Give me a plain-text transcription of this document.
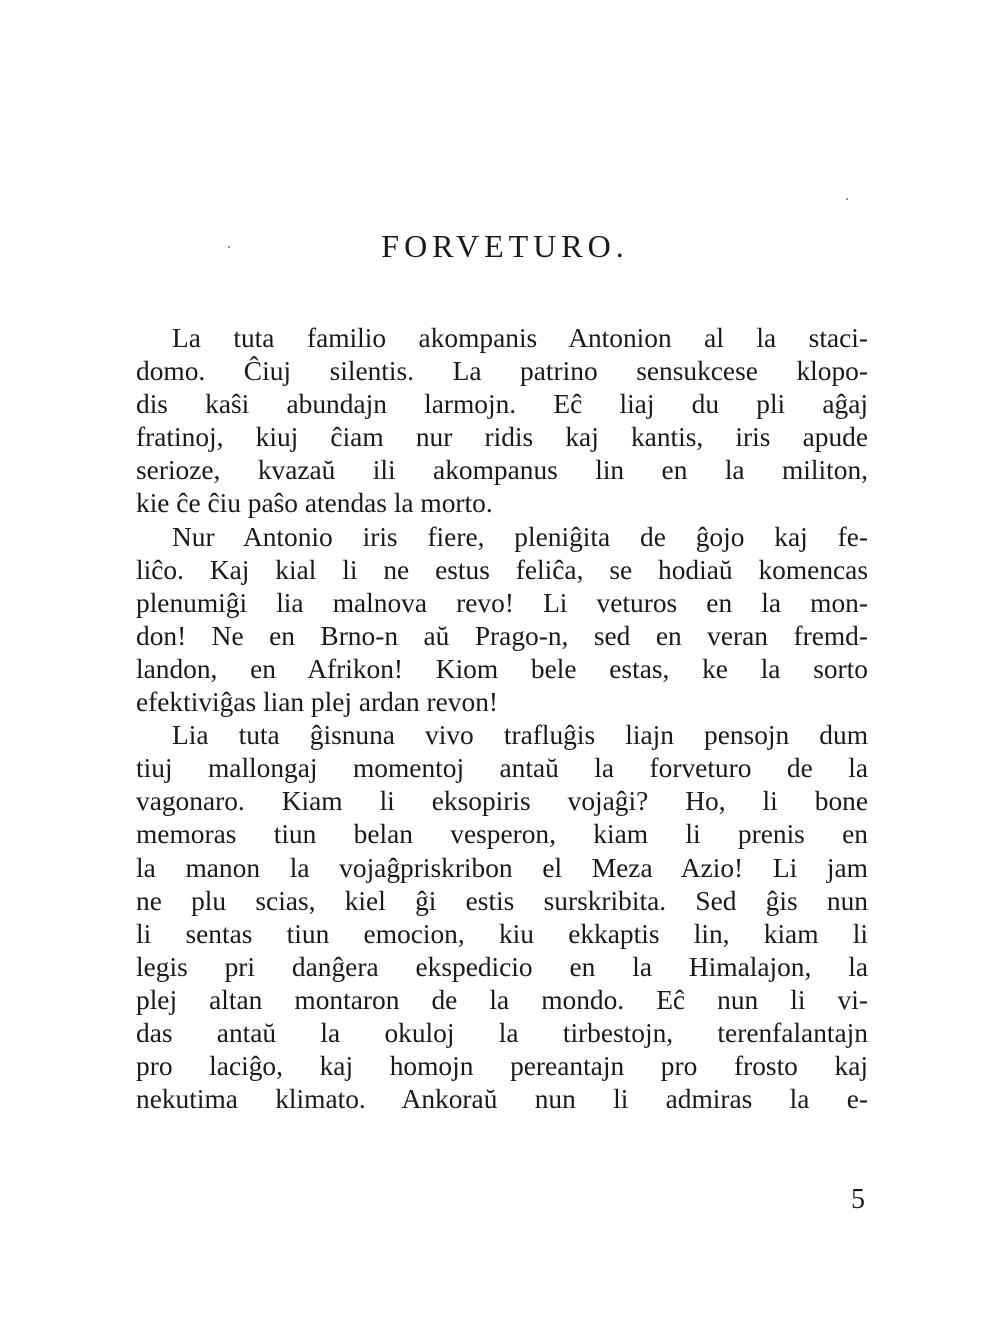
FORVETURO.
La tuta familio akompanis Antonion al la staci-
domo. Ĉiuj silentis. La patrino sensukcese klopo-
dis kaŝi abundajn larmojn. Eĉ liaj du pli aĝaj
fratinoj, kiuj ĉiam nur ridis kaj kantis, iris apude
serioze, kvazaŭ ili akompanus lin en la militon,
kie ĉe ĉiu paŝo atendas la morto.
Nur Antonio iris fiere, pleniĝita de ĝojo kaj fe-
liĉo. Kaj kial li ne estus feliĉa, se hodiaŭ komencas
plenumiĝi lia malnova revo! Li veturos en la mon-
don! Ne en Brno-n aŭ Prago-n, sed en veran fremd-
landon, en Afrikon! Kiom bele estas, ke la sorto
efektiviĝas lian plej ardan revon!
Lia tuta ĝisnuna vivo trafluĝis liajn pensojn dum
tiuj mallongaj momentoj antaŭ la forveturo de la
vagonaro. Kiam li eksopiris vojaĝi? Ho, li bone
memoras tiun belan vesperon, kiam li prenis en
la manon la vojaĝpriskribon el Meza Azio! Li jam
ne plu scias, kiel ĝi estis surskribita. Sed ĝis nun
li sentas tiun emocion, kiu ekkaptis lin, kiam li
legis pri danĝera ekspedicio en la Himalajon, la
plej altan montaron de la mondo. Eĉ nun li vi-
das antaŭ la okuloj la tirbestojn, terenfalantajn
pro laciĝo, kaj homojn pereantajn pro frosto kaj
nekutima klimato. Ankoraŭ nun li admiras la e-

5
